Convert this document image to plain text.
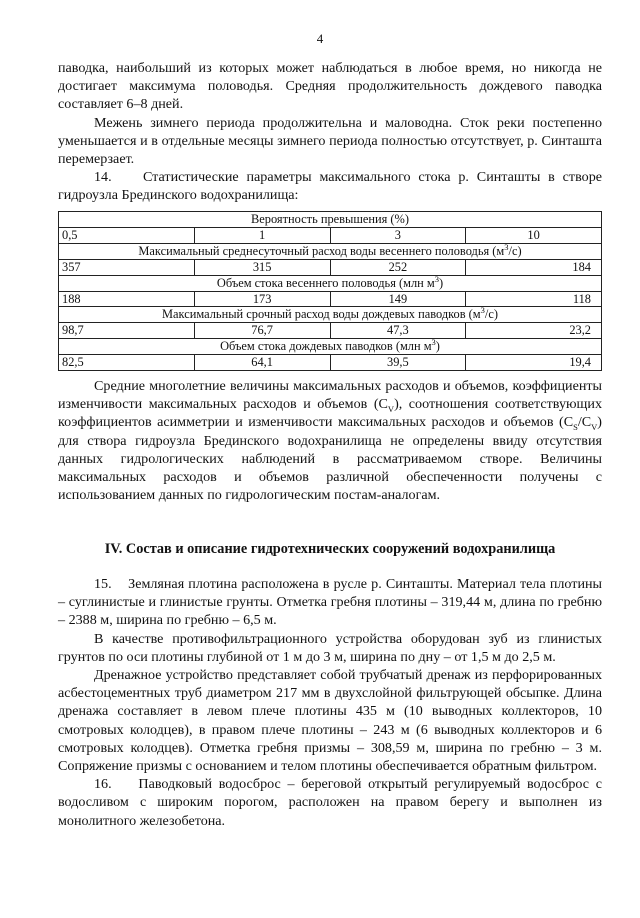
4

паводка, наибольший из которых может наблюдаться в любое время, но никогда не достигает максимума половодья. Средняя продолжительность дождевого паводка составляет 6–8 дней.

Межень зимнего периода продолжительна и маловодна. Сток реки постепенно уменьшается и в отдельные месяцы зимнего периода полностью отсутствует, р. Синташта перемерзает.

14. Статистические параметры максимального стока р. Синташты в створе гидроузла Брединского водохранилища:

Вероятность превышения (%)			
0,5	1	3	10
Максимальный среднесуточный расход воды весеннего половодья $(м^3/с)$			
357	315	252	184
Объем стока весеннего половодья (млн $м^3$)			
188	173	149	118
Максимальный срочный расход воды дождевых паводков $(м^3/с)$			
98,7	76,7	47,3	23,2
Объем стока дождевых паводков (млн $м^3$)			
82,5	64,1	39,5	19,4

Средние многолетние величины максимальных расходов и объемов, коэффициенты изменчивости максимальных расходов и объемов $(C_V)$, соотношения соответствующих коэффициентов асимметрии и изменчивости максимальных расходов и объемов $(C_S/C_V)$ для створа гидроузла Брединского водохранилища не определены ввиду отсутствия данных гидрологических наблюдений в рассматриваемом створе. Величины максимальных расходов и объемов различной обеспеченности получены с использованием данных по гидрологическим постам-аналогам.

IV. Состав и описание гидротехнических сооружений водохранилища

15. Земляная плотина расположена в русле р. Синташты. Материал тела плотины – суглинистые и глинистые грунты. Отметка гребня плотины – 319,44 м, длина по гребню – 2388 м, ширина по гребню – 6,5 м.

В качестве противофильтрационного устройства оборудован зуб из глинистых грунтов по оси плотины глубиной от 1 м до 3 м, ширина по дну – от 1,5 м до 2,5 м.

Дренажное устройство представляет собой трубчатый дренаж из перфорированных асбестоцементных труб диаметром 217 мм в двухслойной фильтрующей обсыпке. Длина дренажа составляет в левом плече плотины 435 м (10 выводных коллекторов, 10 смотровых колодцев), в правом плече плотины – 243 м (6 выводных коллекторов и 6 смотровых колодцев). Отметка гребня призмы – 308,59 м, ширина по гребню – 3 м. Сопряжение призмы с основанием и телом плотины обеспечивается обратным фильтром.

16. Паводковый водосброс – береговой открытый регулируемый водосброс с водосливом с широким порогом, расположен на правом берегу и выполнен из монолитного железобетона.
